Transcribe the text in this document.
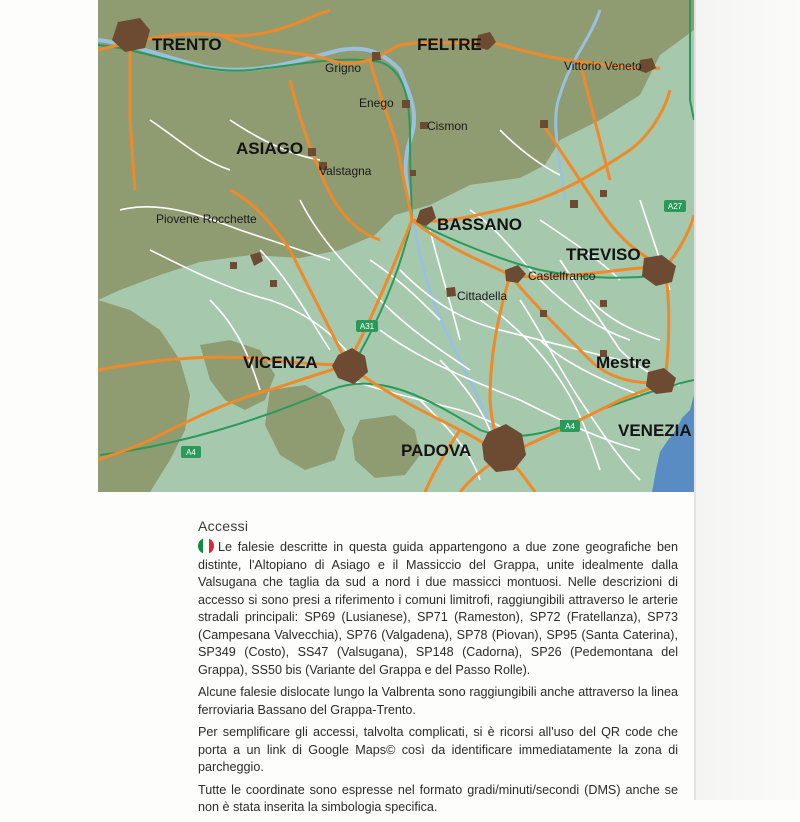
A27
A31
A4
A4
TRENTO	FELTRE
ASIAGO
BASSANO
TREVISO
VICENZA	Mestre
PADOVA
VENEZIA
Grigno	Vittorio Veneto
Enego
Cismon
Valstagna
Piovene Rocchette
Castelfranco
Cittadella
Accessi

Le falesie descritte in questa guida appartengono a due zone geografiche ben distinte, l'Altopiano di Asiago e il Massiccio del Grappa, unite idealmente dalla Valsugana che taglia da sud a nord i due massicci montuosi. Nelle descrizioni di accesso si sono presi a riferimento i comuni limitrofi, raggiungibili attraverso le arterie stradali principali: SP69 (Lusianese), SP71 (Rameston), SP72 (Fratellanza), SP73 (Campesana Valvecchia), SP76 (Valgadena), SP78 (Piovan), SP95 (Santa Caterina), SP349 (Costo), SS47 (Valsugana), SP148 (Cadorna), SP26 (Pedemontana del Grappa), SS50 bis (Variante del Grappa e del Passo Rolle).

Alcune falesie dislocate lungo la Valbrenta sono raggiungibili anche attraverso la linea ferroviaria Bassano del Grappa-Trento.

Per semplificare gli accessi, talvolta complicati, si è ricorsi all'uso del QR code che porta a un link di Google Maps© così da identificare immediatamente la zona di parcheggio.

Tutte le coordinate sono espresse nel formato gradi/minuti/secondi (DMS) anche se non è stata inserita la simbologia specifica.
